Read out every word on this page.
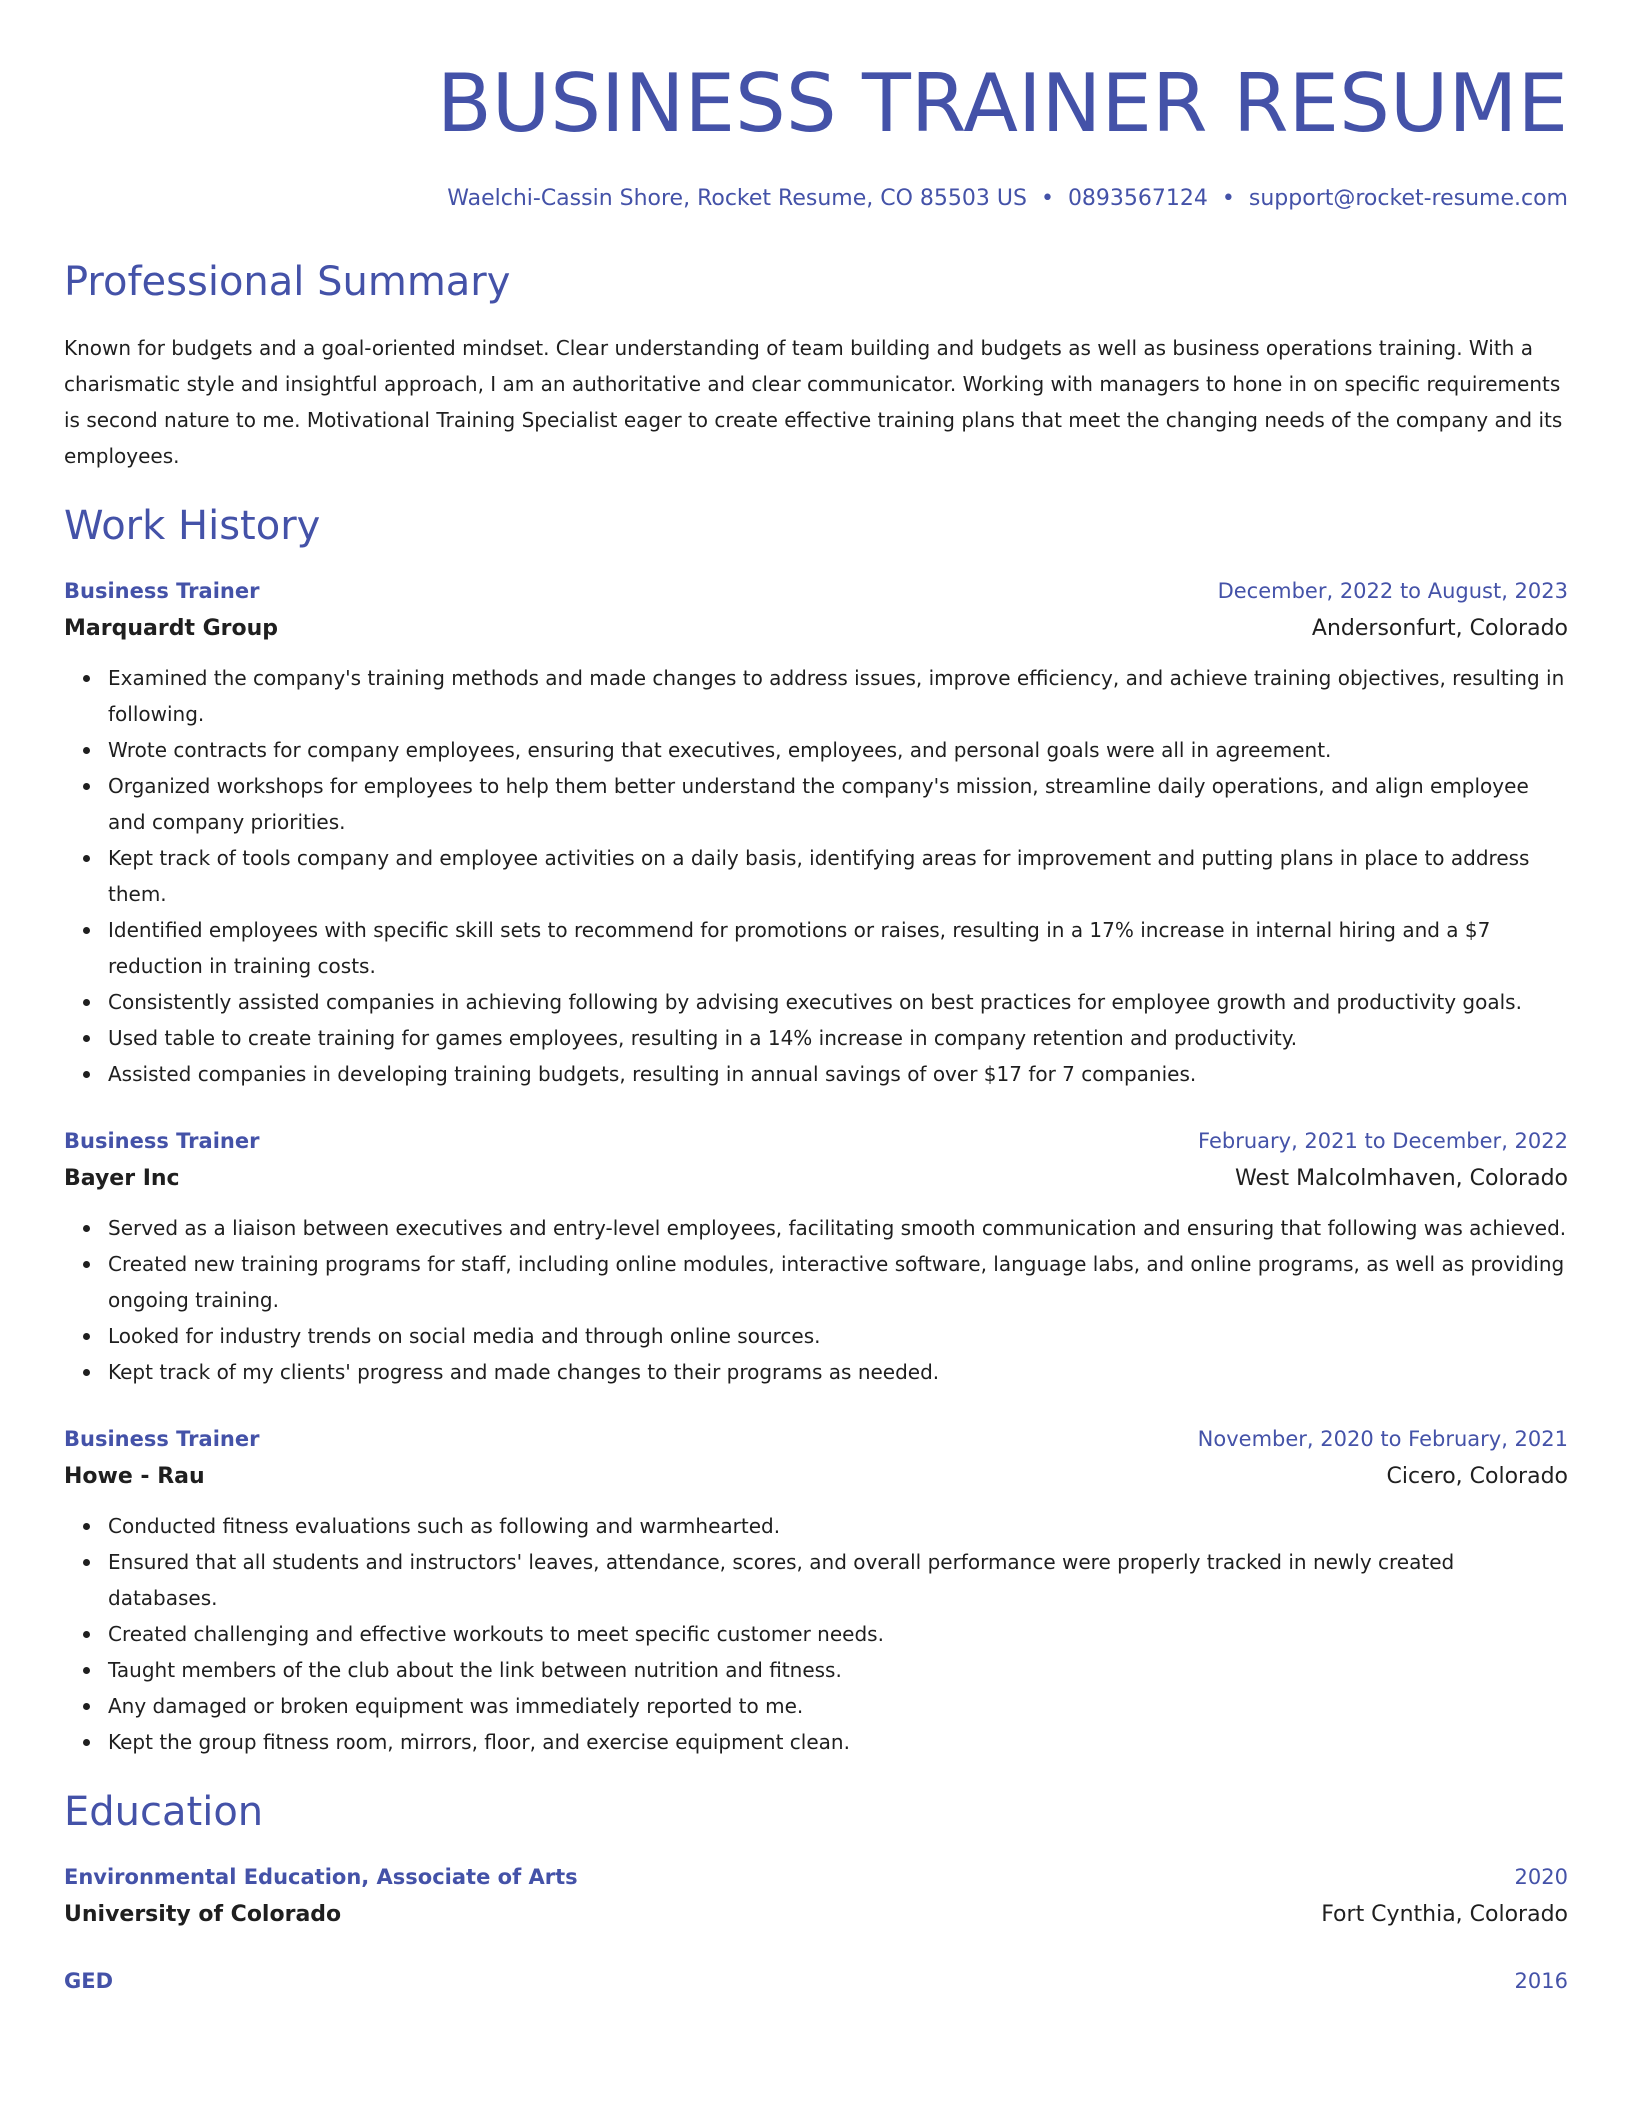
BUSINESS TRAINER RESUME
Waelchi-Cassin Shore, Rocket Resume, CO 85503 US • 0893567124 • support@rocket-resume.com
Professional Summary
Known for budgets and a goal-oriented mindset. Clear understanding of team building and budgets as well as business operations training. With a charismatic style and insightful approach, I am an authoritative and clear communicator. Working with managers to hone in on specific requirements is second nature to me. Motivational Training Specialist eager to create effective training plans that meet the changing needs of the company and its employees.
Work History
Business Trainer	December, 2022 to August, 2023
Marquardt Group	Andersonfurt, Colorado
Examined the company's training methods and made changes to address issues, improve efficiency, and achieve training objectives, resulting in following.
Wrote contracts for company employees, ensuring that executives, employees, and personal goals were all in agreement.
Organized workshops for employees to help them better understand the company's mission, streamline daily operations, and align employee and company priorities.
Kept track of tools company and employee activities on a daily basis, identifying areas for improvement and putting plans in place to address them.
Identified employees with specific skill sets to recommend for promotions or raises, resulting in a 17% increase in internal hiring and a $7 reduction in training costs.
Consistently assisted companies in achieving following by advising executives on best practices for employee growth and productivity goals.
Used table to create training for games employees, resulting in a 14% increase in company retention and productivity.
Assisted companies in developing training budgets, resulting in annual savings of over $17 for 7 companies.
Business Trainer	February, 2021 to December, 2022
Bayer Inc	West Malcolmhaven, Colorado
Served as a liaison between executives and entry-level employees, facilitating smooth communication and ensuring that following was achieved.
Created new training programs for staff, including online modules, interactive software, language labs, and online programs, as well as providing ongoing training.
Looked for industry trends on social media and through online sources.
Kept track of my clients' progress and made changes to their programs as needed.
Business Trainer	November, 2020 to February, 2021
Howe - Rau	Cicero, Colorado
Conducted fitness evaluations such as following and warmhearted.
Ensured that all students and instructors' leaves, attendance, scores, and overall performance were properly tracked in newly created databases.
Created challenging and effective workouts to meet specific customer needs.
Taught members of the club about the link between nutrition and fitness.
Any damaged or broken equipment was immediately reported to me.
Kept the group fitness room, mirrors, floor, and exercise equipment clean.
Education
Environmental Education, Associate of Arts	2020
University of Colorado	Fort Cynthia, Colorado
GED	2016
